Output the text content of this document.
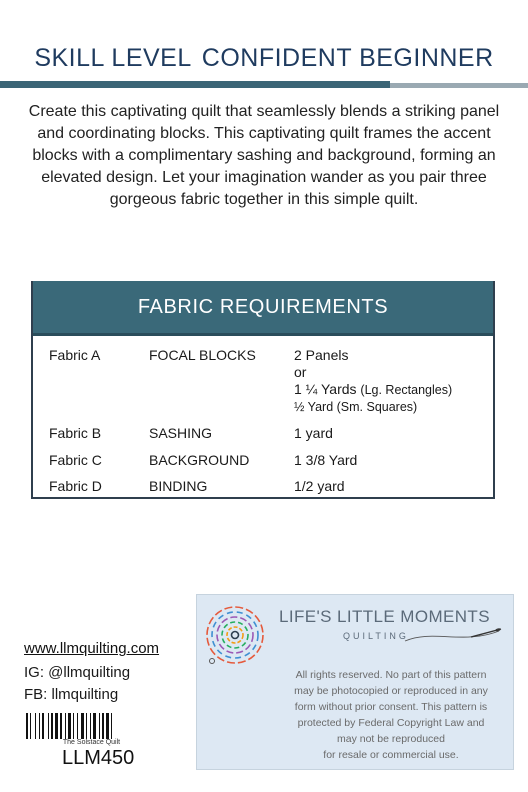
SKILL LEVEL CONFIDENT BEGINNER
Create this captivating quilt that seamlessly blends a striking panel and coordinating blocks. This captivating quilt frames the accent blocks with a complimentary sashing and background, forming an elevated design. Let your imagination wander as you pair three gorgeous fabric together in this simple quilt.
FABRIC REQUIREMENTS
Fabric A	FOCAL BLOCKS	2 Panels
or
1 ¼ Yards (Lg. Rectangles)
½ Yard (Sm. Squares)
Fabric B	SASHING	1 yard
Fabric C	BACKGROUND	1 3/8 Yard
Fabric D	BINDING	1/2 yard
www.llmquilting.com
IG: @llmquilting
FB: llmquilting
The Solstace Quilt
LLM450
LIFE'S LITTLE MOMENTS
QUILTING
All rights reserved. No part of this pattern
may be photocopied or reproduced in any
form without prior consent. This pattern is
protected by Federal Copyright Law and
may not be reproduced
for resale or commercial use.
